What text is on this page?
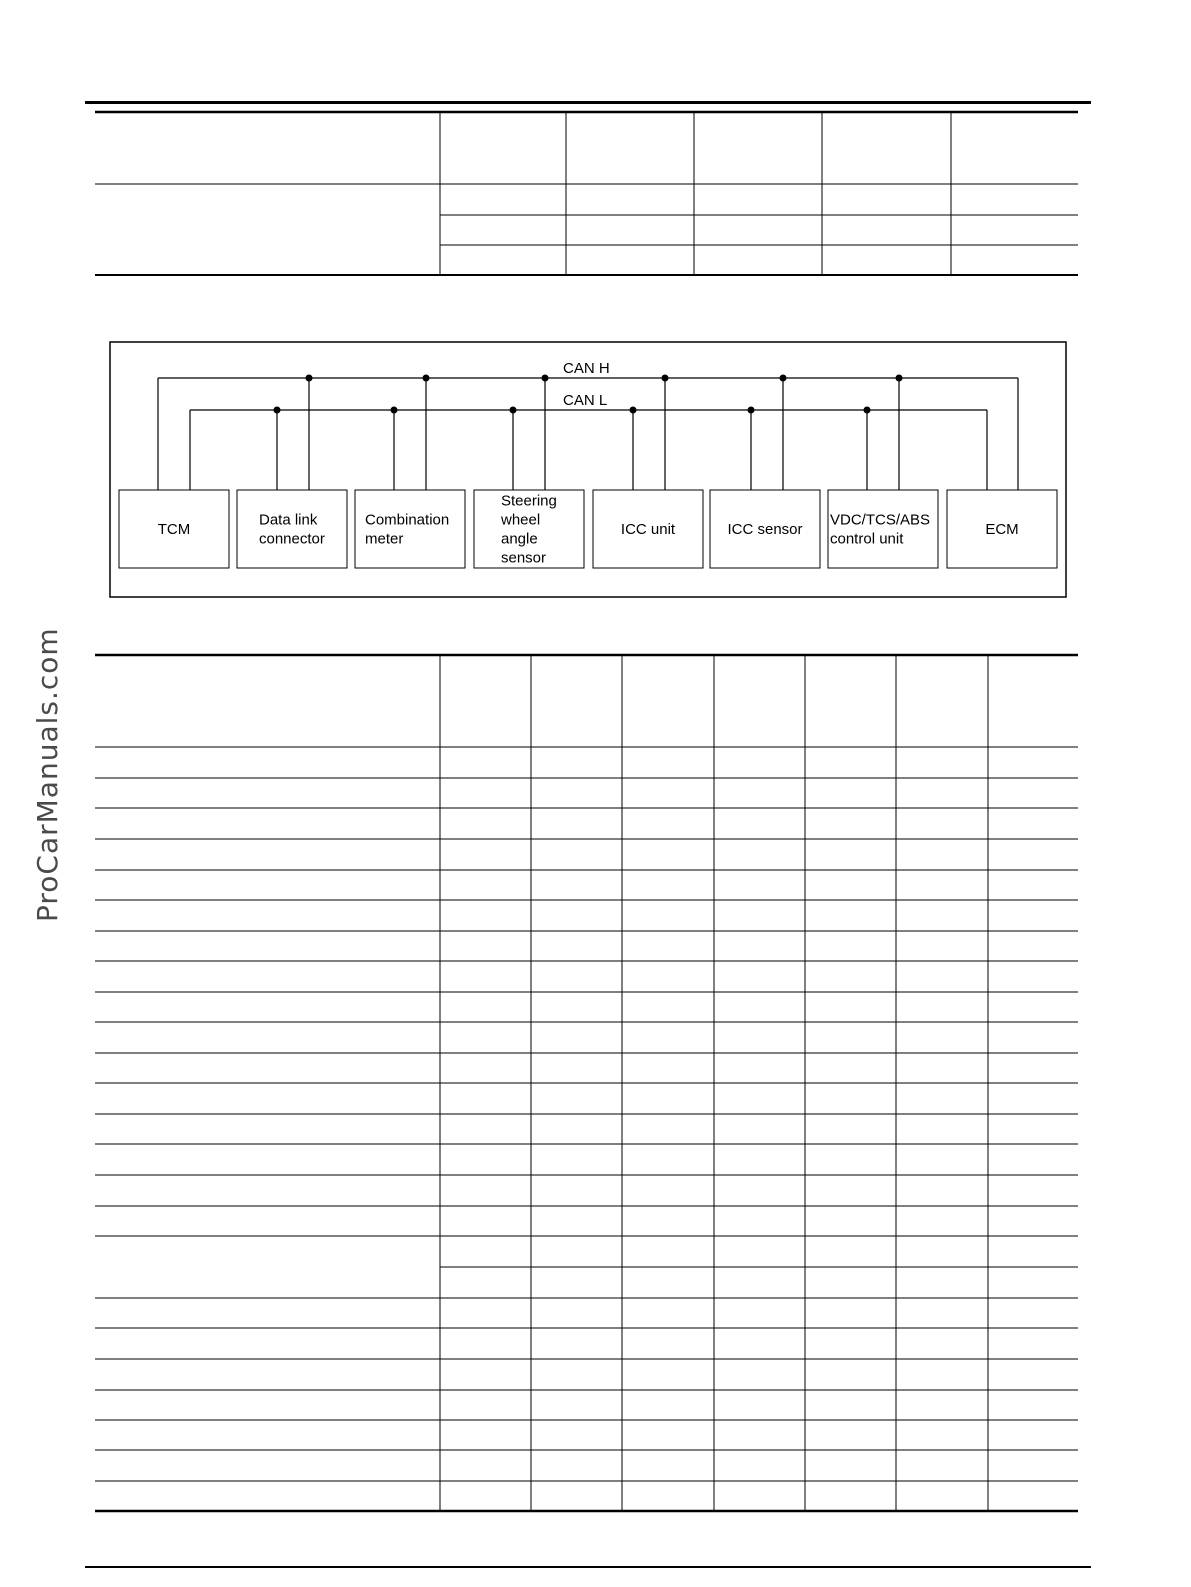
ProCarManuals.com
TCM
Data link
connector
Combination
meter
Steering
wheel
angle
sensor
ICC unit	ICC sensor
VDC/TCS/ABS
control unit
ECM
CAN H
CAN L
